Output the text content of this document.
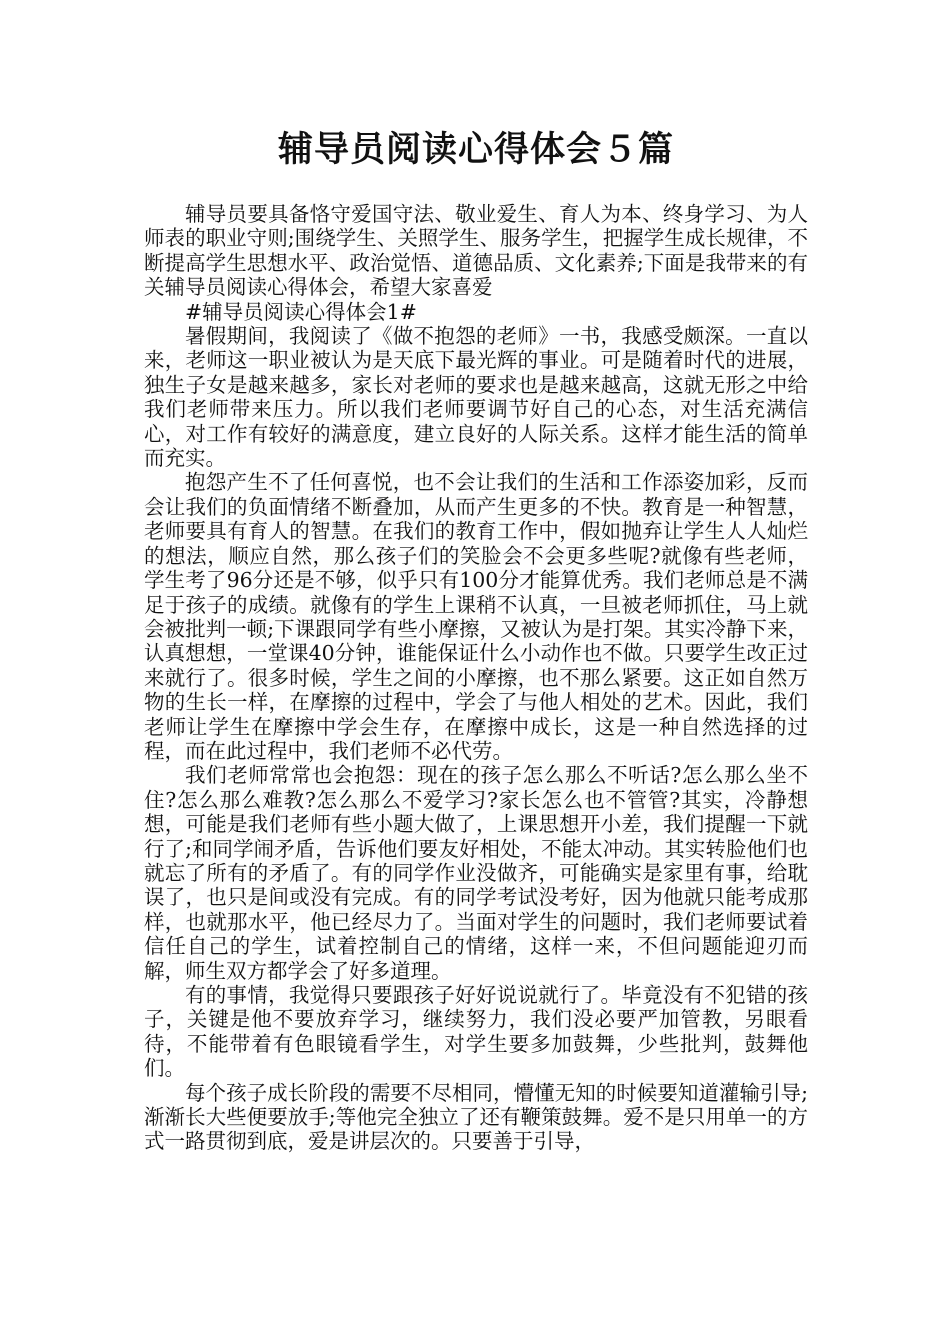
辅导员阅读心得体会５篇

辅导员要具备恪守爱国守法、敬业爱生、育人为本、终身学习、为人师表的职业守则;围绕学生、关照学生、服务学生，把握学生成长规律，不断提高学生思想水平、政治觉悟、道德品质、文化素养;下面是我带来的有关辅导员阅读心得体会，希望大家喜爱

#辅导员阅读心得体会1#

暑假期间，我阅读了《做不抱怨的老师》一书，我感受颇深。一直以来，老师这一职业被认为是天底下最光辉的事业。可是随着时代的进展，独生子女是越来越多，家长对老师的要求也是越来越高，这就无形之中给我们老师带来压力。所以我们老师要调节好自己的心态，对生活充满信心，对工作有较好的满意度，建立良好的人际关系。这样才能生活的简单而充实。

抱怨产生不了任何喜悦，也不会让我们的生活和工作添姿加彩，反而会让我们的负面情绪不断叠加，从而产生更多的不快。教育是一种智慧，老师要具有育人的智慧。在我们的教育工作中，假如抛弃让学生人人灿烂的想法，顺应自然，那么孩子们的笑脸会不会更多些呢?就像有些老师，学生考了96分还是不够，似乎只有100分才能算优秀。我们老师总是不满足于孩子的成绩。就像有的学生上课稍不认真，一旦被老师抓住，马上就会被批判一顿;下课跟同学有些小摩擦，又被认为是打架。其实冷静下来，认真想想，一堂课40分钟，谁能保证什么小动作也不做。只要学生改正过来就行了。很多时候，学生之间的小摩擦，也不那么紧要。这正如自然万物的生长一样，在摩擦的过程中，学会了与他人相处的艺术。因此，我们老师让学生在摩擦中学会生存，在摩擦中成长，这是一种自然选择的过程，而在此过程中，我们老师不必代劳。

我们老师常常也会抱怨：现在的孩子怎么那么不听话?怎么那么坐不住?怎么那么难教?怎么那么不爱学习?家长怎么也不管管?其实，冷静想想，可能是我们老师有些小题大做了，上课思想开小差，我们提醒一下就行了;和同学闹矛盾，告诉他们要友好相处，不能太冲动。其实转脸他们也就忘了所有的矛盾了。有的同学作业没做齐，可能确实是家里有事，给耽误了，也只是间或没有完成。有的同学考试没考好，因为他就只能考成那样，也就那水平，他已经尽力了。当面对学生的问题时，我们老师要试着信任自己的学生，试着控制自己的情绪，这样一来，不但问题能迎刃而解，师生双方都学会了好多道理。

有的事情，我觉得只要跟孩子好好说说就行了。毕竟没有不犯错的孩子，关键是他不要放弃学习，继续努力，我们没必要严加管教，另眼看待，不能带着有色眼镜看学生，对学生要多加鼓舞，少些批判，鼓舞他们。

每个孩子成长阶段的需要不尽相同，懵懂无知的时候要知道灌输引导;渐渐长大些便要放手;等他完全独立了还有鞭策鼓舞。爱不是只用单一的方式一路贯彻到底，爱是讲层次的。只要善于引导，
